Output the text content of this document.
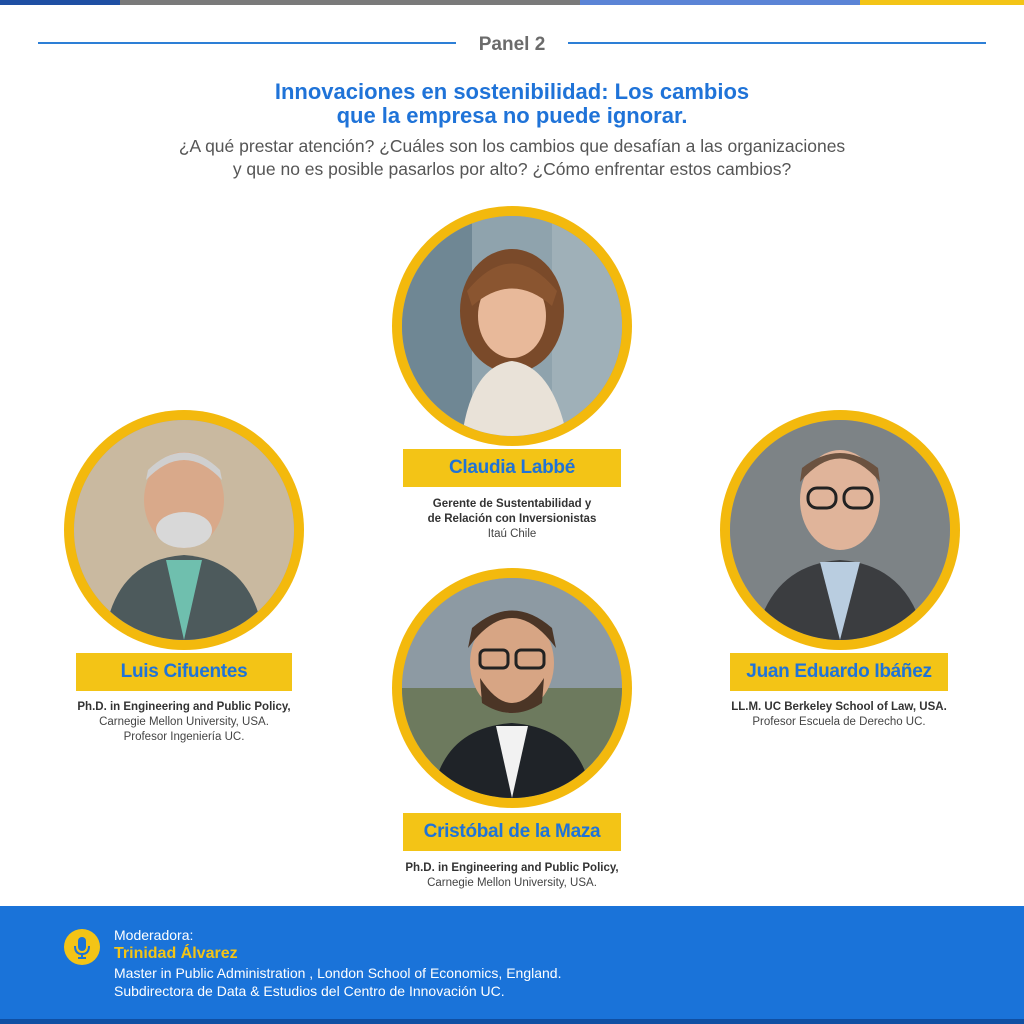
Panel 2
Innovaciones en sostenibilidad: Los cambios
que la empresa no puede ignorar.
¿A qué prestar atención? ¿Cuáles son los cambios que desafían a las organizaciones
y que no es posible pasarlos por alto? ¿Cómo enfrentar estos cambios?
Claudia Labbé
Gerente de Sustentabilidad y
de Relación con Inversionistas
Itaú Chile
Luis Cifuentes
Ph.D. in Engineering and Public Policy,
Carnegie Mellon University, USA.
Profesor Ingeniería UC.
Juan Eduardo Ibáñez
LL.M. UC Berkeley School of Law, USA.
Profesor Escuela de Derecho UC.
Cristóbal de la Maza
Ph.D. in Engineering and Public Policy,
Carnegie Mellon University, USA.
Moderadora:
Trinidad Álvarez
Master in Public Administration , London School of Economics, England.
Subdirectora de Data & Estudios del Centro de Innovación UC.
